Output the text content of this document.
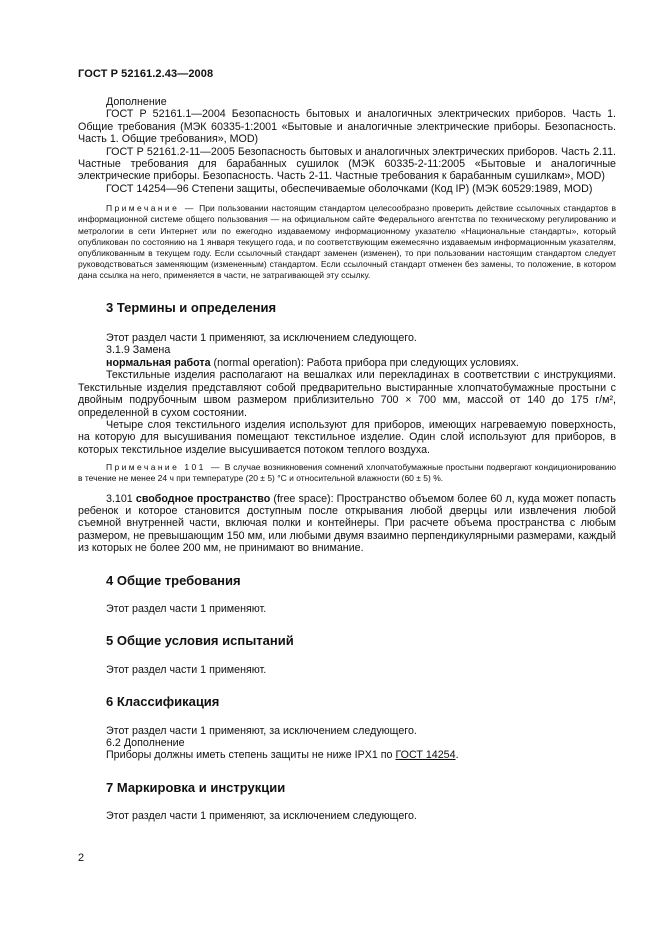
ГОСТ Р 52161.2.43—2008

Дополнение

ГОСТ Р 52161.1—2004 Безопасность бытовых и аналогичных электрических приборов. Часть 1. Общие требования (МЭК 60335-1:2001 «Бытовые и аналогичные электрические приборы. Безопасность. Часть 1. Общие требования», MOD)

ГОСТ Р 52161.2-11—2005 Безопасность бытовых и аналогичных электрических приборов. Часть 2.11. Частные требования для барабанных сушилок (МЭК 60335-2-11:2005 «Бытовые и аналогичные электрические приборы. Безопасность. Часть 2-11. Частные требования к барабанным сушилкам», MOD)

ГОСТ 14254—96 Степени защиты, обеспечиваемые оболочками (Код IP) (МЭК 60529:1989, MOD)

Примечание — При пользовании настоящим стандартом целесообразно проверить действие ссылочных стандартов в информационной системе общего пользования — на официальном сайте Федерального агентства по техническому регулированию и метрологии в сети Интернет или по ежегодно издаваемому информационному указателю «Национальные стандарты», который опубликован по состоянию на 1 января текущего года, и по соответствующим ежемесячно издаваемым информационным указателям, опубликованным в текущем году. Если ссылочный стандарт заменен (изменен), то при пользовании настоящим стандартом следует руководствоваться заменяющим (измененным) стандартом. Если ссылочный стандарт отменен без замены, то положение, в котором дана ссылка на него, применяется в части, не затрагивающей эту ссылку.

3 Термины и определения

Этот раздел части 1 применяют, за исключением следующего.

3.1.9 Замена

нормальная работа (normal operation): Работа прибора при следующих условиях.

Текстильные изделия располагают на вешалках или перекладинах в соответствии с инструкциями. Текстильные изделия представляют собой предварительно выстиранные хлопчатобумажные простыни с двойным подрубочным швом размером приблизительно 700 × 700 мм, массой от 140 до 175 г/м², определенной в сухом состоянии.

Четыре слоя текстильного изделия используют для приборов, имеющих нагреваемую поверхность, на которую для высушивания помещают текстильное изделие. Один слой используют для приборов, в которых текстильное изделие высушивается потоком теплого воздуха.

Примечание 101 — В случае возникновения сомнений хлопчатобумажные простыни подвергают кондиционированию в течение не менее 24 ч при температуре (20 ± 5) °С и относительной влажности (60 ± 5) %.

3.101 свободное пространство (free space): Пространство объемом более 60 л, куда может попасть ребенок и которое становится доступным после открывания любой дверцы или извлечения любой съемной внутренней части, включая полки и контейнеры. При расчете объема пространства с любым размером, не превышающим 150 мм, или любыми двумя взаимно перпендикулярными размерами, каждый из которых не более 200 мм, не принимают во внимание.

4 Общие требования

Этот раздел части 1 применяют.

5 Общие условия испытаний

Этот раздел части 1 применяют.

6 Классификация

Этот раздел части 1 применяют, за исключением следующего.

6.2 Дополнение

Приборы должны иметь степень защиты не ниже IPX1 по ГОСТ 14254.

7 Маркировка и инструкции

Этот раздел части 1 применяют, за исключением следующего.

2
